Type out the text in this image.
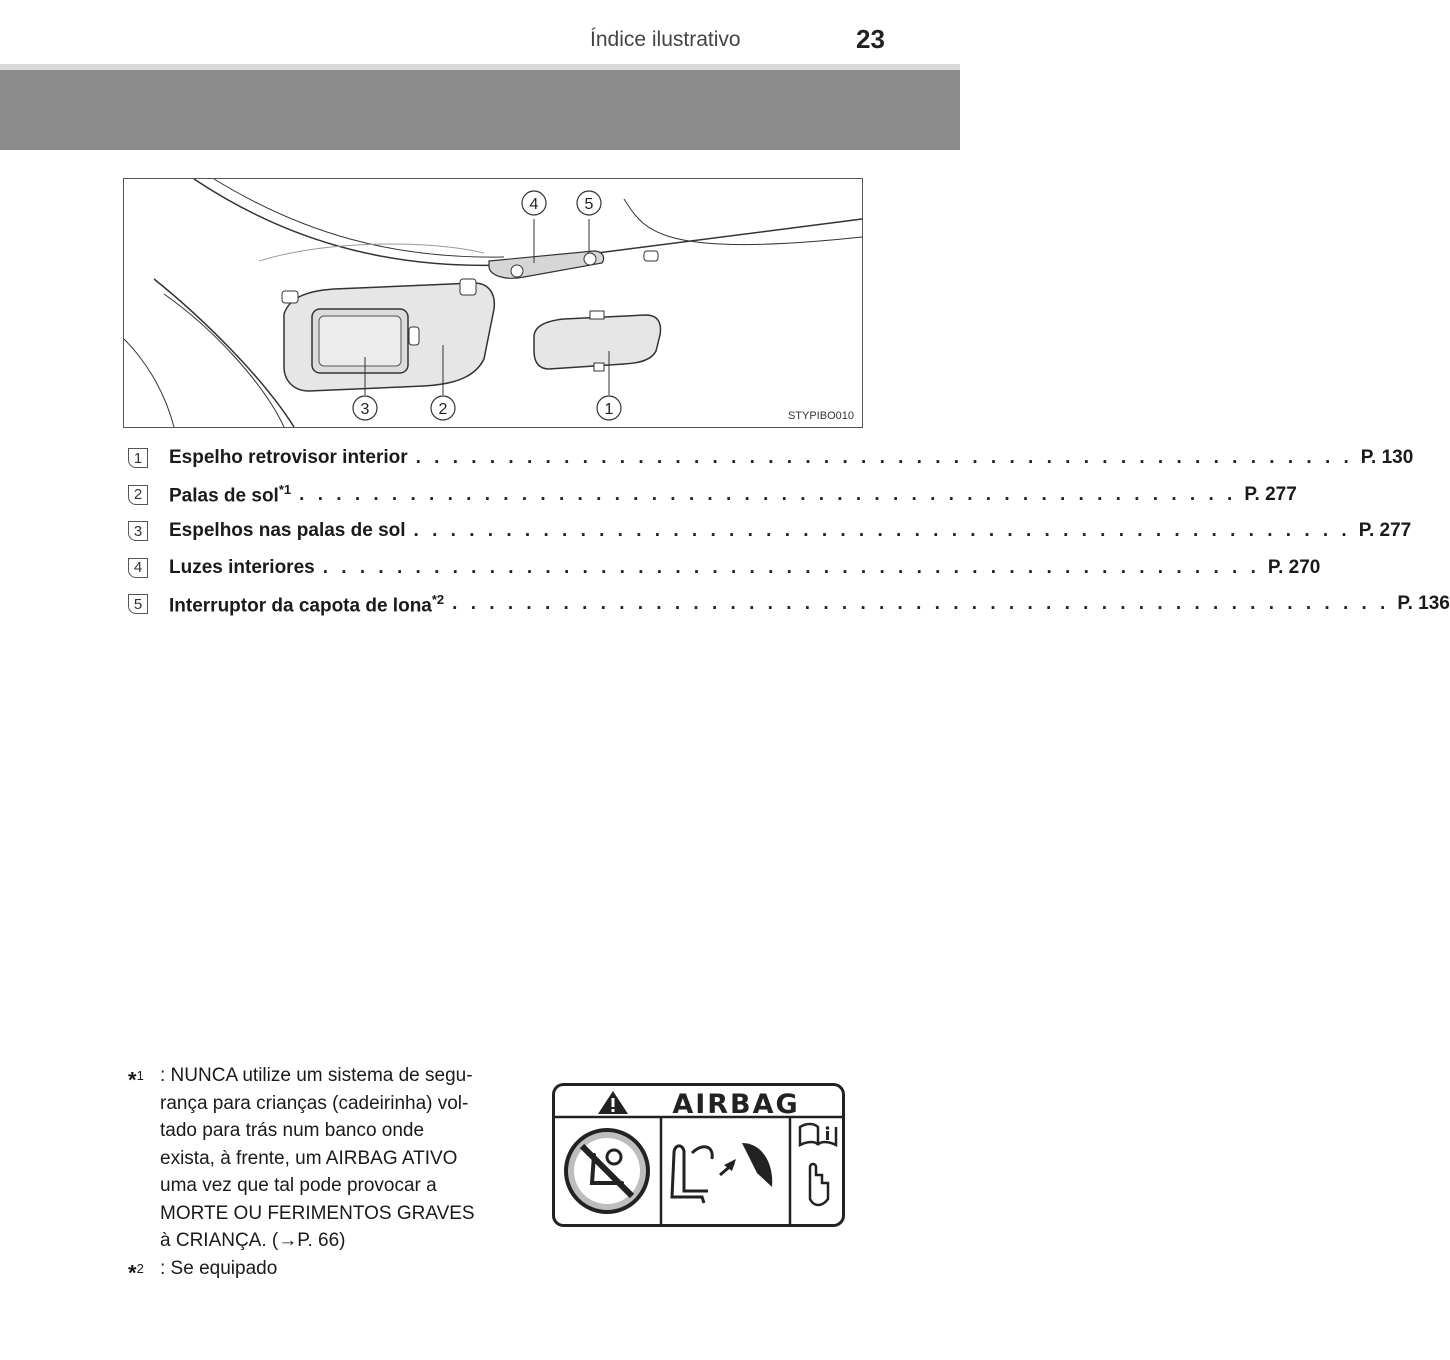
Índice ilustrativo	23
1
2
3
4	5
STYPIBO010
1	Espelho retrovisor interior . . . . . . . . . . . . . . . . . . . . . . . . . . . . . . . . . . . . . . . . . . . . . . . . . . . P. 130
2	Palas de sol$^{*1}$ . . . . . . . . . . . . . . . . . . . . . . . . . . . . . . . . . . . . . . . . . . . . . . . . . . . P. 277
3	Espelhos nas palas de sol . . . . . . . . . . . . . . . . . . . . . . . . . . . . . . . . . . . . . . . . . . . . . . . . . . . P. 277
4	Luzes interiores . . . . . . . . . . . . . . . . . . . . . . . . . . . . . . . . . . . . . . . . . . . . . . . . . . . P. 270
5	Interruptor da capota de lona$^{*2}$ . . . . . . . . . . . . . . . . . . . . . . . . . . . . . . . . . . . . . . . . . . . . . . . . . . . P. 136
*$^1$ : NUNCA utilize um sistema de segu-
rança para crianças (cadeirinha) vol-
tado para trás num banco onde
exista, à frente, um AIRBAG ATIVO
uma vez que tal pode provocar a
MORTE OU FERIMENTOS GRAVES
à CRIANÇA. (→P. 66)
*$^2$ : Se equipado
AIRBAG
